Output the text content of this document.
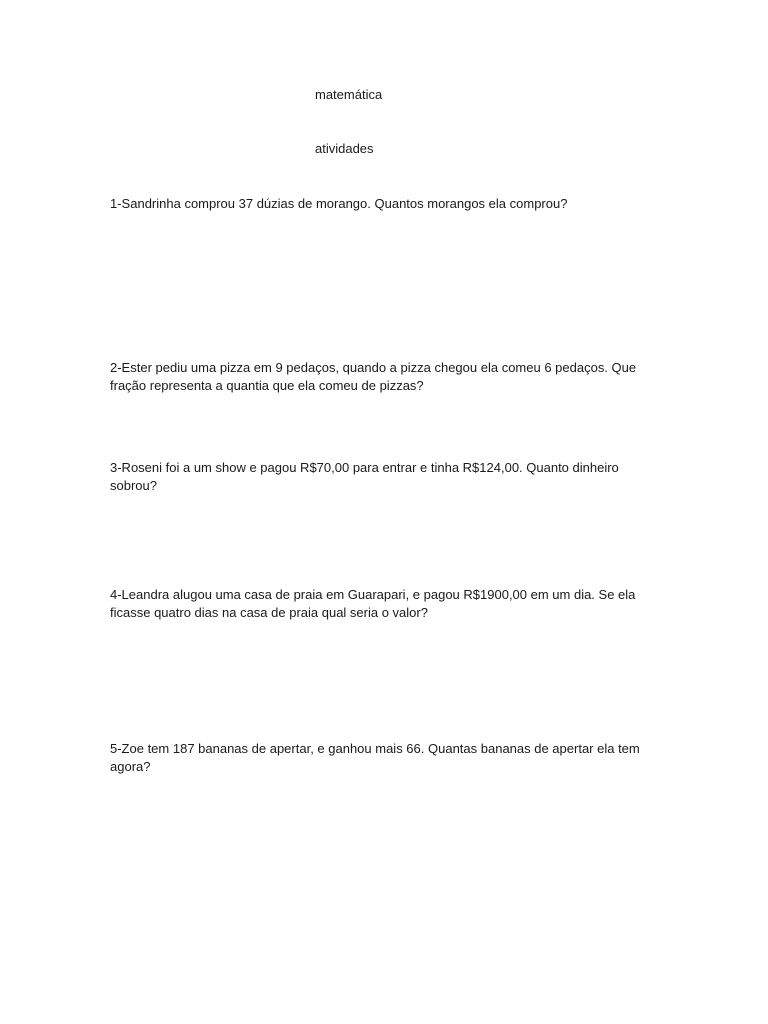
matemática

atividades

1-Sandrinha comprou 37 dúzias de morango. Quantos morangos ela comprou?

2-Ester pediu uma pizza em 9 pedaços, quando a pizza chegou ela comeu 6 pedaços. Que fração representa a quantia que ela comeu de pizzas?

3-Roseni foi a um show e pagou R$70,00 para entrar e tinha R$124,00. Quanto dinheiro sobrou?

4-Leandra alugou uma casa de praia em Guarapari, e pagou R$1900,00 em um dia. Se ela ficasse quatro dias na casa de praia qual seria o valor?

5-Zoe tem 187 bananas de apertar, e ganhou mais 66. Quantas bananas de apertar ela tem agora?
